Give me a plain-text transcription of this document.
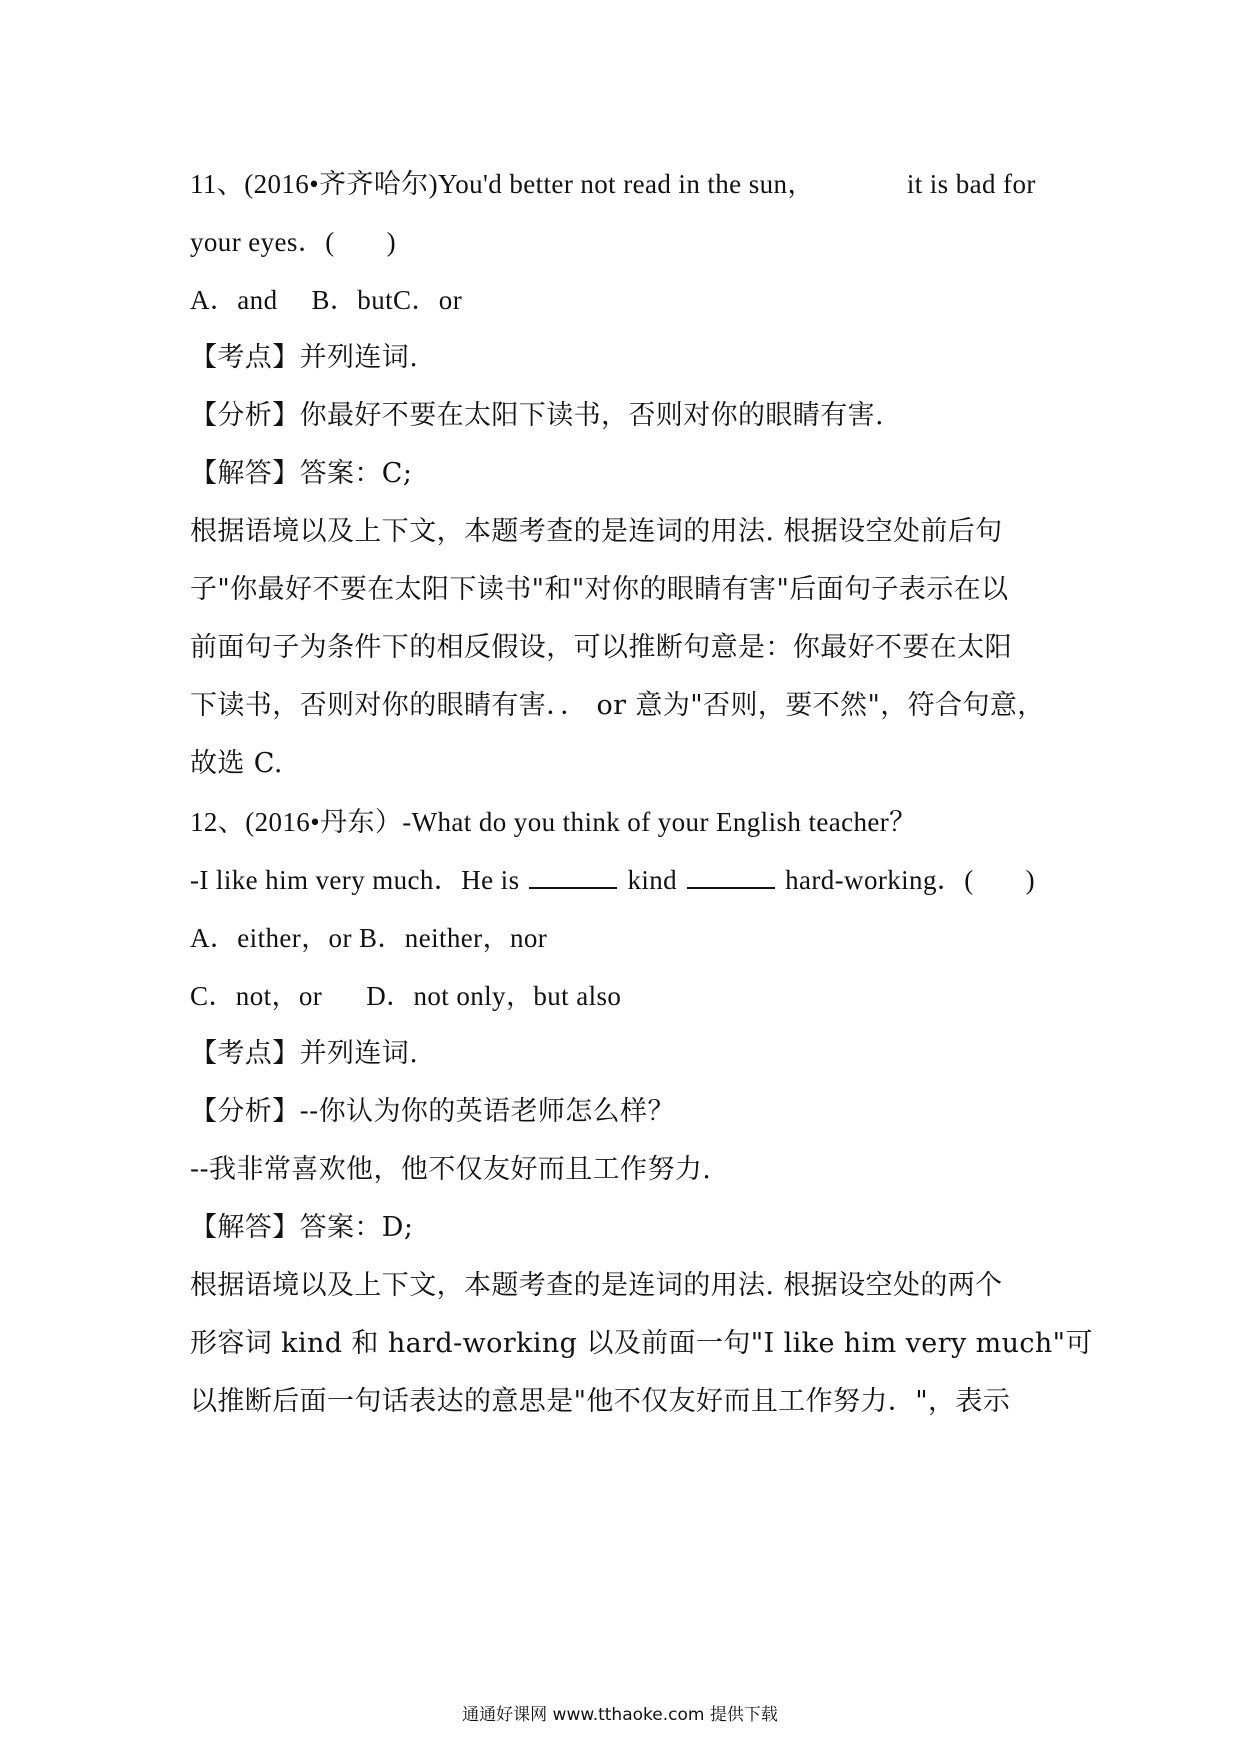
11、(2016•齐齐哈尔)You'd better not read in the sun，	it is bad for
your eyes．( )
A．and B．butC．or
【考点】并列连词.
【分析】你最好不要在太阳下读书，否则对你的眼睛有害.
【解答】答案：C;
根据语境以及上下文，本题考查的是连词的用法. 根据设空处前后句
子"你最好不要在太阳下读书"和"对你的眼睛有害"后面句子表示在以
前面句子为条件下的相反假设，可以推断句意是：你最好不要在太阳
下读书，否则对你的眼睛有害．． or 意为"否则，要不然"，符合句意，
故选 C.
12、(2016•丹东）-What do you think of your English teacher？
-I like him very much．He is	kind	hard-working．( )
A．either，or B．neither，nor
C．not，or D．not only，but also
【考点】并列连词.
【分析】--你认为你的英语老师怎么样？
--我非常喜欢他，他不仅友好而且工作努力.
【解答】答案：D;
根据语境以及上下文，本题考查的是连词的用法. 根据设空处的两个
形容词 kind 和 hard-working 以及前面一句"I like him very much"可
以推断后面一句话表达的意思是"他不仅友好而且工作努力．"，表示
通通好课网 www.tthaoke.com 提供下载
